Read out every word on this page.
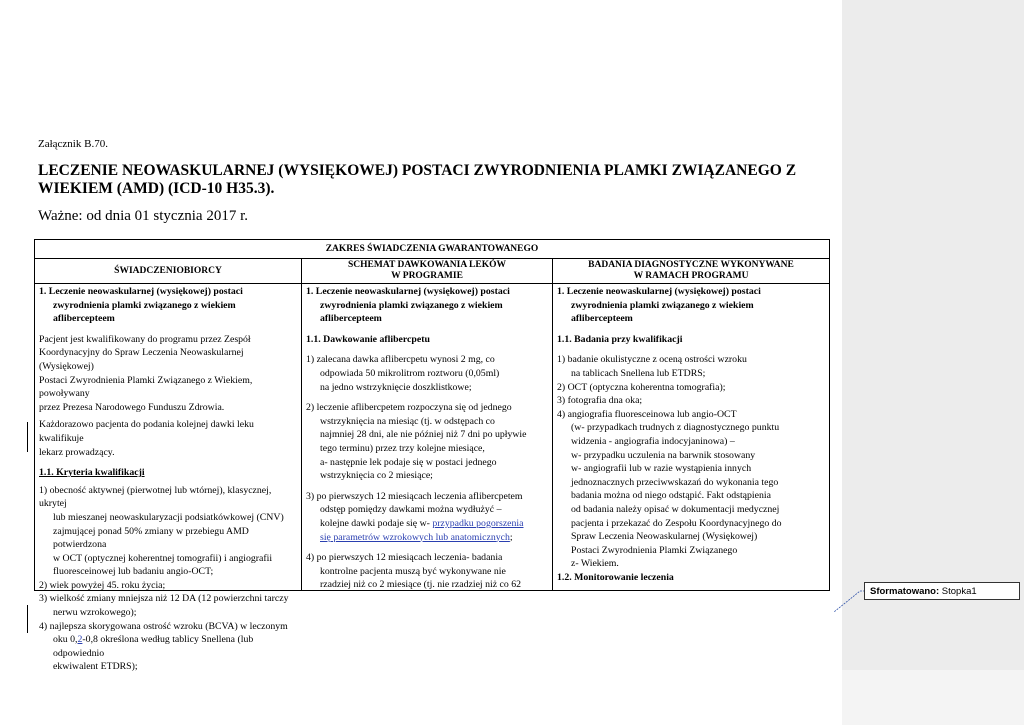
Załącznik B.70.
LECZENIE NEOWASKULARNEJ (WYSIĘKOWEJ) POSTACI ZWYRODNIENIA PLAMKI ZWIĄZANEGO Z WIEKIEM (AMD) (ICD-10 H35.3).
Ważne: od dnia 01 stycznia 2017 r.
ZAKRES ŚWIADCZENIA GWARANTOWANEGO
ŚWIADCZENIOBIORCY
SCHEMAT DAWKOWANIA LEKÓW
W PROGRAMIE
BADANIA DIAGNOSTYCZNE WYKONYWANE
W RAMACH PROGRAMU

1. Leczenie neowaskularnej (wysiękowej) postaci

zwyrodnienia plamki związanego z wiekiem aflibercepteem

Pacjent jest kwalifikowany do programu przez Zespół

Koordynacyjny do Spraw Leczenia Neowaskularnej (Wysiękowej)

Postaci Zwyrodnienia Plamki Związanego z Wiekiem, powoływany

przez Prezesa Narodowego Funduszu Zdrowia.

Każdorazowo pacjenta do podania kolejnej dawki leku kwalifikuje

lekarz prowadzący.

1.1. Kryteria kwalifikacji

1) obecność aktywnej (pierwotnej lub wtórnej), klasycznej, ukrytej

lub mieszanej neowaskularyzacji podsiatkówkowej (CNV)

zajmującej ponad 50% zmiany w przebiegu AMD potwierdzona

w OCT (optycznej koherentnej tomografii) i angiografii

fluoresceinowej lub badaniu angio-OCT;

2) wiek powyżej 45. roku życia;

3) wielkość zmiany mniejsza niż 12 DA (12 powierzchni tarczy

nerwu wzrokowego);

4) najlepsza skorygowana ostrość wzroku (BCVA) w leczonym

oku 0,2-0,8 określona według tablicy Snellena (lub odpowiednio

ekwiwalent ETDRS);

1. Leczenie neowaskularnej (wysiękowej) postaci

zwyrodnienia plamki związanego z wiekiem

aflibercepteem

1.1. Dawkowanie aflibercpetu

1) zalecana dawka aflibercpetu wynosi 2 mg, co

odpowiada 50 mikrolitrom roztworu (0,05ml)

na jedno wstrzyknięcie doszklistkowe;

2) leczenie aflibercpetem rozpoczyna się od jednego

wstrzyknięcia na miesiąc (tj. w odstępach co

najmniej 28 dni, ale nie później niż 7 dni po upływie

tego terminu) przez trzy kolejne miesiące,

a- następnie lek podaje się w postaci jednego

wstrzyknięcia co 2 miesiące;

3) po pierwszych 12 miesiącach leczenia aflibercpetem

odstęp pomiędzy dawkami można wydłużyć –

kolejne dawki podaje się w- przypadku pogorszenia

się parametrów wzrokowych lub anatomicznych;

4) po pierwszych 12 miesiącach leczenia- badania

kontrolne pacjenta muszą być wykonywane nie

rzadziej niż co 2 miesiące (tj. nie rzadziej niż co 62

1. Leczenie neowaskularnej (wysiękowej) postaci

zwyrodnienia plamki związanego z wiekiem

aflibercepteem

1.1. Badania przy kwalifikacji

1) badanie okulistyczne z oceną ostrości wzroku

na tablicach Snellena lub ETDRS;

2) OCT (optyczna koherentna tomografia);

3) fotografia dna oka;

4) angiografia fluoresceinowa lub angio-OCT

(w- przypadkach trudnych z diagnostycznego punktu

widzenia - angiografia indocyjaninowa) –

w- przypadku uczulenia na barwnik stosowany

w- angiografii lub w razie wystąpienia innych

jednoznacznych przeciwwskazań do wykonania tego

badania można od niego odstąpić. Fakt odstąpienia

od badania należy opisać w dokumentacji medycznej

pacjenta i przekazać do Zespołu Koordynacyjnego do

Spraw Leczenia Neowaskularnej (Wysiękowej)

Postaci Zwyrodnienia Plamki Związanego

z- Wiekiem.

1.2. Monitorowanie leczenia

Sformatowano: Stopka1
